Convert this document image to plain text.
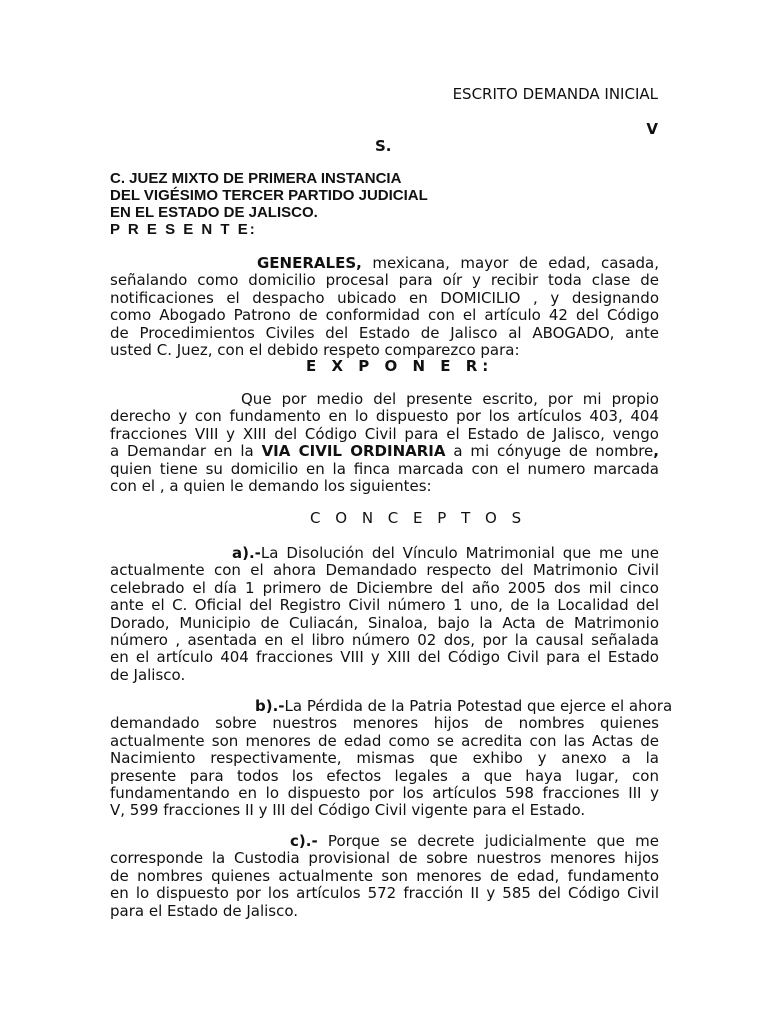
ESCRITO DEMANDA INICIAL
V
S.
C. JUEZ MIXTO DE PRIMERA INSTANCIA
DEL VIGÉSIMO TERCER PARTIDO JUDICIAL
EN EL ESTADO DE JALISCO.
P R E S E N T E:
GENERALES, mexicana, mayor de edad, casada,
señalando como domicilio procesal para oír y recibir toda clase de
notificaciones el despacho ubicado en DOMICILIO , y designando
como Abogado Patrono de conformidad con el artículo 42 del Código
de Procedimientos Civiles del Estado de Jalisco al ABOGADO, ante
usted C. Juez, con el debido respeto comparezco para:
E X P O N E R:
Que por medio del presente escrito, por mi propio
derecho y con fundamento en lo dispuesto por los artículos 403, 404
fracciones VIII y XIII del Código Civil para el Estado de Jalisco, vengo
a Demandar en la VIA CIVIL ORDINARIA a mi cónyuge de nombre,
quien tiene su domicilio en la finca marcada con el numero marcada
con el , a quien le demando los siguientes:
C O N C E P T O S
a).-La Disolución del Vínculo Matrimonial que me une
actualmente con el ahora Demandado respecto del Matrimonio Civil
celebrado el día 1 primero de Diciembre del año 2005 dos mil cinco
ante el C. Oficial del Registro Civil número 1 uno, de la Localidad del
Dorado, Municipio de Culiacán, Sinaloa, bajo la Acta de Matrimonio
número , asentada en el libro número 02 dos, por la causal señalada
en el artículo 404 fracciones VIII y XIII del Código Civil para el Estado
de Jalisco.
b).-La Pérdida de la Patria Potestad que ejerce el ahora
demandado sobre nuestros menores hijos de nombres quienes
actualmente son menores de edad como se acredita con las Actas de
Nacimiento respectivamente, mismas que exhibo y anexo a la
presente para todos los efectos legales a que haya lugar, con
fundamentando en lo dispuesto por los artículos 598 fracciones III y
V, 599 fracciones II y III del Código Civil vigente para el Estado.
c).- Porque se decrete judicialmente que me
corresponde la Custodia provisional de sobre nuestros menores hijos
de nombres quienes actualmente son menores de edad, fundamento
en lo dispuesto por los artículos 572 fracción II y 585 del Código Civil
para el Estado de Jalisco.
